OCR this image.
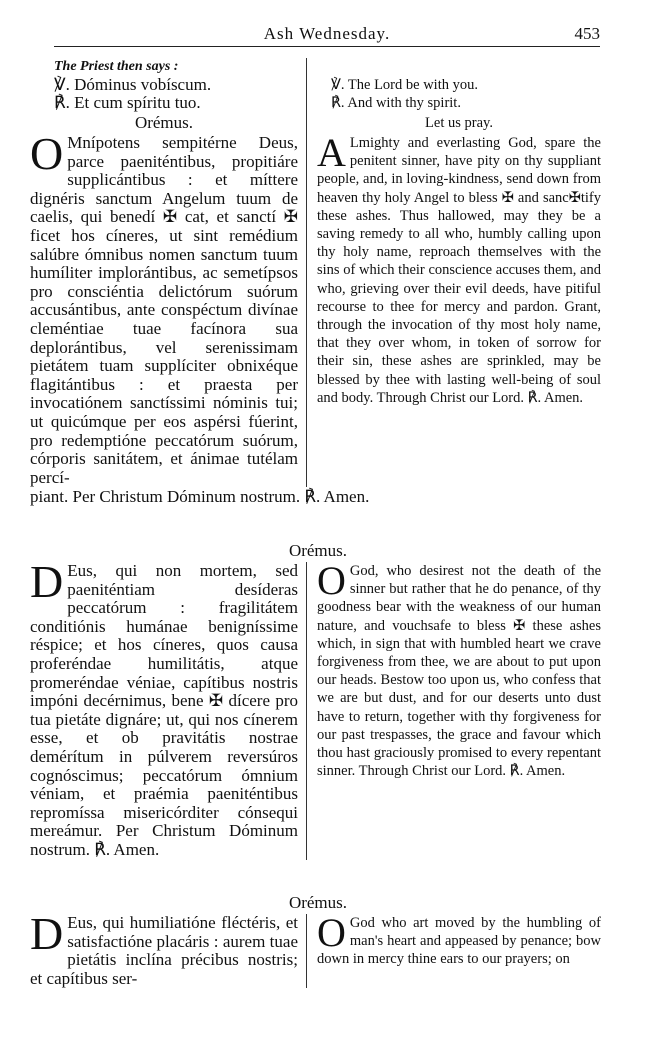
Ash Wednesday.	453
The Priest then says :
℣. Dóminus vobíscum.
℟. Et cum spíritu tuo.
Orémus.
O Mnípotens sempitérne Deus, parce paeniténtibus, propitiáre supplicántibus : et míttere dignéris sanctum Angelum tuum de caelis, qui benedí ✠ cat, et sanctí ✠ ficet hos cíneres, ut sint remédium salúbre ómnibus nomen sanctum tuum humíliter implorántibus, ac semetípsos pro consciéntia delictórum suórum accusántibus, ante conspéctum divínae cleméntiae tuae facínora sua deplorántibus, vel serenissimam pietátem tuam supplíciter obnixéque flagitántibus : et praesta per invocatiónem sanctíssimi nóminis tui; ut quicúmque per eos aspérsi fúerint, pro redemptióne peccatórum suórum, córporis sanitátem, et ánimae tutélam percí-
℣. The Lord be with you.
℟. And with thy spirit.
Let us pray.
A Lmighty and everlasting God, spare the penitent sinner, have pity on thy suppliant people, and, in loving-kindness, send down from heaven thy holy Angel to bless ✠ and sanc✠tify these ashes. Thus hallowed, may they be a saving remedy to all who, humbly calling upon thy holy name, reproach themselves with the sins of which their conscience accuses them, and who, grieving over their evil deeds, have pitiful recourse to thee for mercy and pardon. Grant, through the invocation of thy most holy name, that they over whom, in token of sorrow for their sin, these ashes are sprinkled, may be blessed by thee with lasting well-being of soul and body. Through Christ our Lord. ℟. Amen.
piant. Per Christum Dóminum nostrum. ℟. Amen.
Orémus.
D Eus, qui non mortem, sed paeniténtiam desíderas peccatórum : fragilitátem conditiónis humánae benigníssime réspice; et hos cíneres, quos causa proferéndae humilitátis, atque promeréndae véniae, capítibus nostris impóni decérnimus, bene ✠ dícere pro tua pietáte dignáre; ut, qui nos cínerem esse, et ob pravitátis nostrae demérítum in púlverem reversúros cognóscimus; peccatórum ómnium véniam, et praémia paeniténtibus repromíssa misericórditer cónsequi mereámur. Per Christum Dóminum nostrum. ℟. Amen.
O God, who desirest not the death of the sinner but rather that he do penance, of thy goodness bear with the weakness of our human nature, and vouchsafe to bless ✠ these ashes which, in sign that with humbled heart we crave forgiveness from thee, we are about to put upon our heads. Bestow too upon us, who confess that we are but dust, and for our deserts unto dust have to return, together with thy forgiveness for our past trespasses, the grace and favour which thou hast graciously promised to every repentant sinner. Through Christ our Lord. ℟. Amen.
Orémus.
D Eus, qui humiliatióne fléctéris, et satisfactióne placáris : aurem tuae pietátis inclína précibus nostris; et capítibus ser-
O God who art moved by the humbling of man's heart and appeased by penance; bow down in mercy thine ears to our prayers; on
